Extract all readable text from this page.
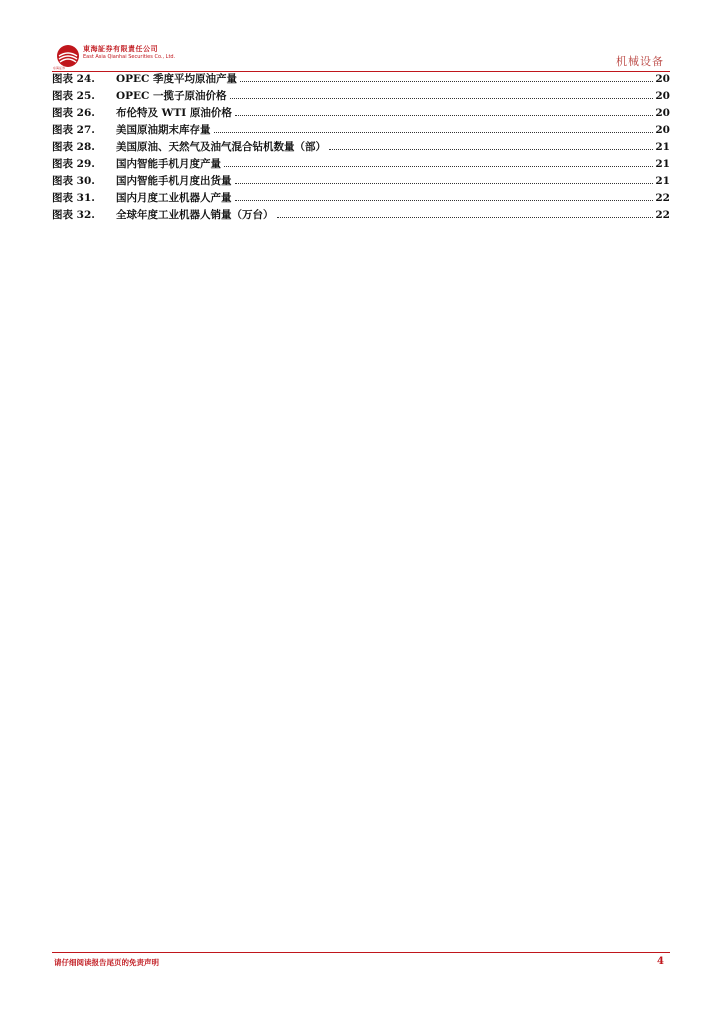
东海证券
東海証券有限責任公司
East Asia Qianhai Securities Co., Ltd.	机械设备
图表 24.	OPEC 季度平均原油产量	20
图表 25.	OPEC 一揽子原油价格	20
图表 26.	布伦特及 WTI 原油价格	20
图表 27.	美国原油期末库存量	20
图表 28.	美国原油、天然气及油气混合钻机数量（部）	21
图表 29.	国内智能手机月度产量	21
图表 30.	国内智能手机月度出货量	21
图表 31.	国内月度工业机器人产量	22
图表 32.	全球年度工业机器人销量（万台）	22
请仔细阅读报告尾页的免责声明	4
